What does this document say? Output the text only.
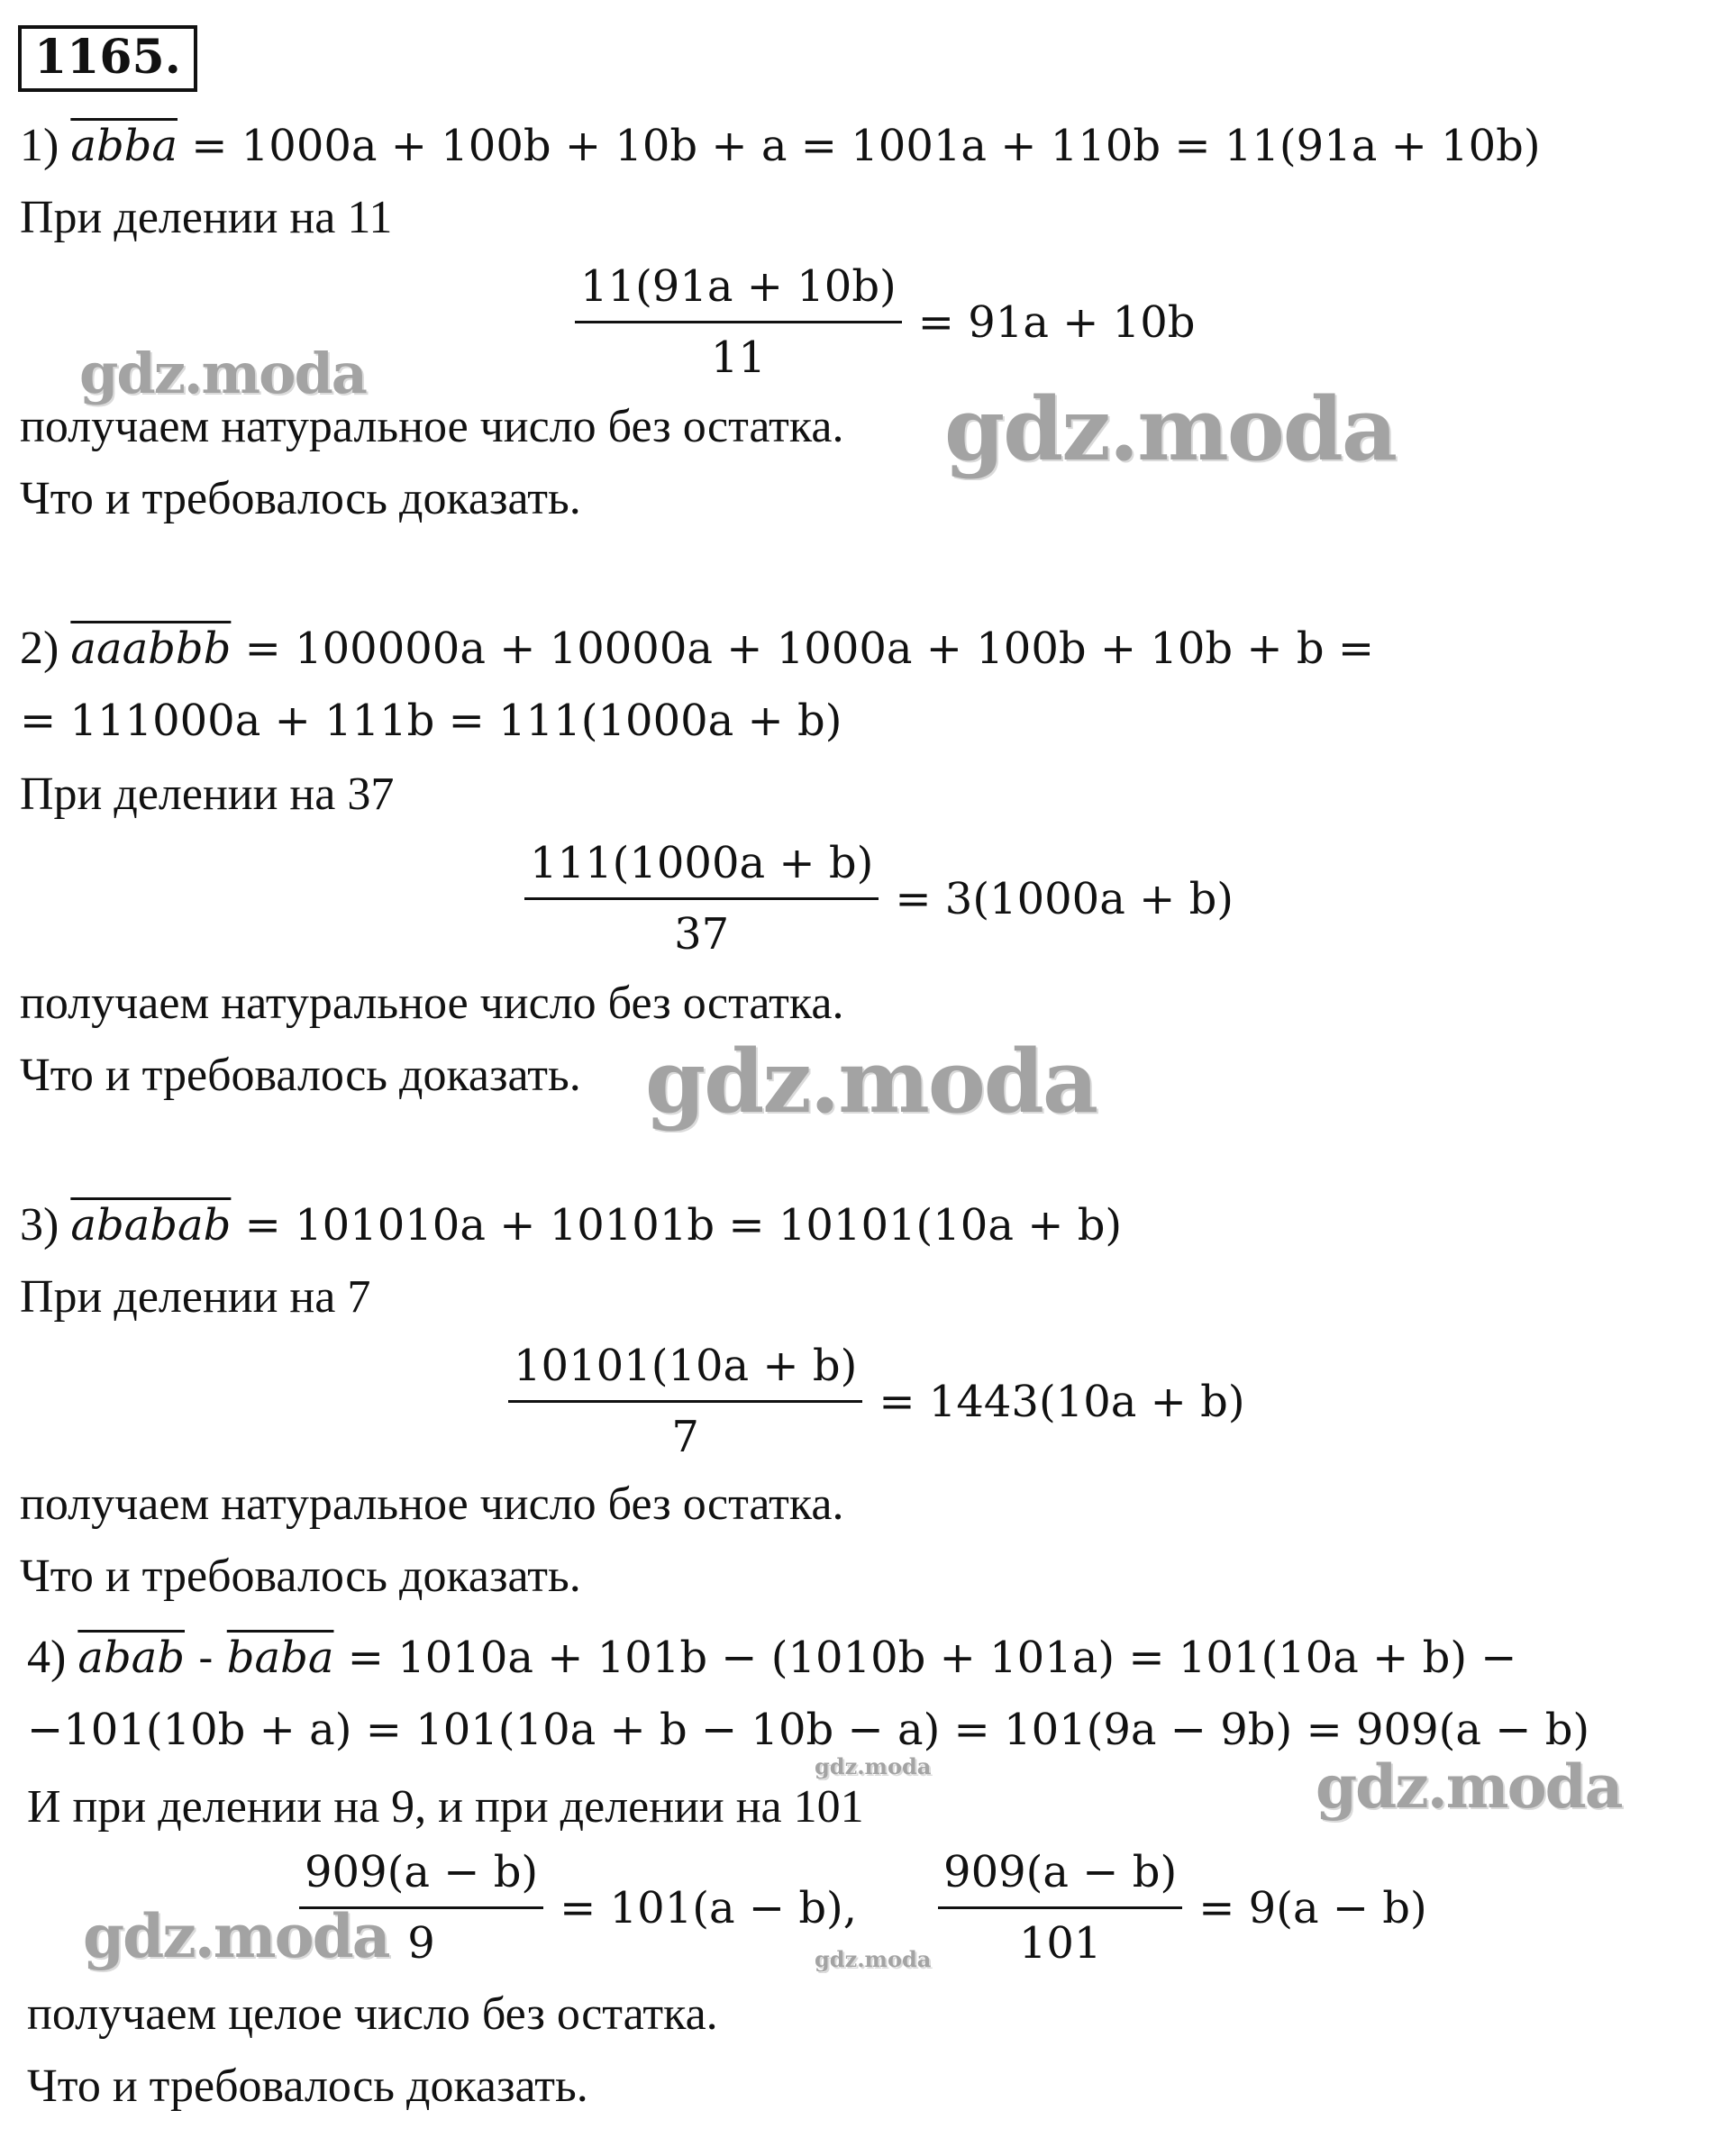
1165.
1) abba = 1000a + 100b + 10b + a = 1001a + 110b = 11(91a + 10b)
При делении на 11
$\frac{11(91a + 10b)}{11} = 91a + 10b$
получаем натуральное число без остатка.
Что и требовалось доказать.
2) aaabbb = 100000a + 10000a + 1000a + 100b + 10b + b =
= 111000a + 111b = 111(1000a + b)
При делении на 37
$\frac{111(1000a + b)}{37} = 3(1000a + b)$
получаем натуральное число без остатка.
Что и требовалось доказать.
3) ababab = 101010a + 10101b = 10101(10a + b)
При делении на 7
$\frac{10101(10a + b)}{7} = 1443(10a + b)$
получаем натуральное число без остатка.
Что и требовалось доказать.
4) abab - baba = 1010a + 101b − (1010b + 101a) = 101(10a + b) −
−101(10b + a) = 101(10a + b − 10b − a) = 101(9a − 9b) = 909(a − b)
И при делении на 9, и при делении на 101
$\frac{909(a - b)}{9} = 101(a - b)$, $\frac{909(a - b)}{101} = 9(a - b)$
получаем целое число без остатка.
Что и требовалось доказать.
gdz.moda
gdz.moda
gdz.moda
gdz.moda
gdz.moda
gdz.moda	gdz.moda
